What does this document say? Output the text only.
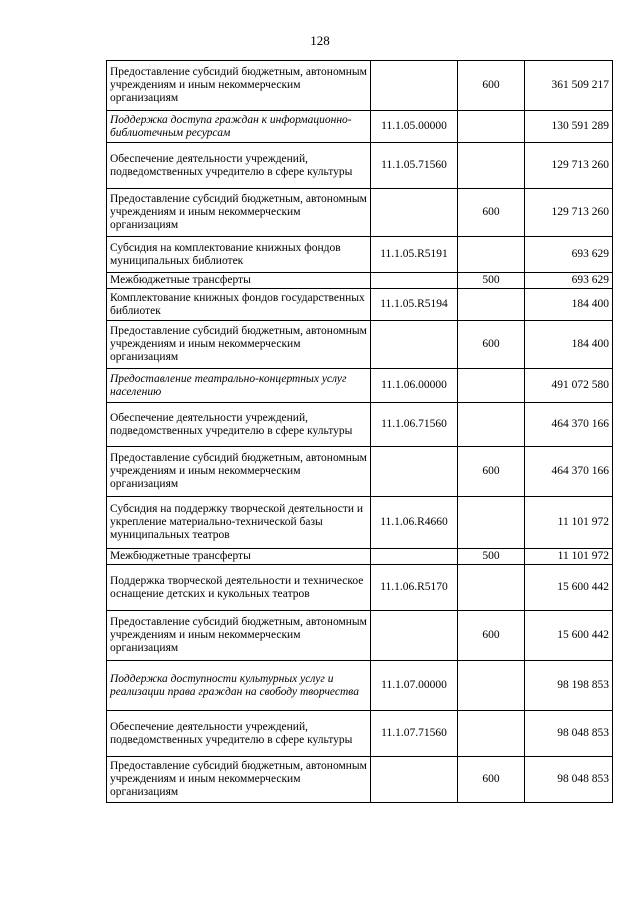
128
Предоставление субсидий бюджетным, автономным учреждениям и иным некоммерческим организациям		600	361 509 217
Поддержка доступа граждан к информационно-библиотечным ресурсам	11.1.05.00000		130 591 289
Обеспечение деятельности учреждений, подведомственных учредителю в сфере культуры	11.1.05.71560		129 713 260
Предоставление субсидий бюджетным, автономным учреждениям и иным некоммерческим организациям		600	129 713 260
Субсидия на комплектование книжных фондов муниципальных библиотек	11.1.05.R5191		693 629
Межбюджетные трансферты		500	693 629
Комплектование книжных фондов государственных библиотек	11.1.05.R5194		184 400
Предоставление субсидий бюджетным, автономным учреждениям и иным некоммерческим организациям		600	184 400
Предоставление театрально-концертных услуг населению	11.1.06.00000		491 072 580
Обеспечение деятельности учреждений, подведомственных учредителю в сфере культуры	11.1.06.71560		464 370 166
Предоставление субсидий бюджетным, автономным учреждениям и иным некоммерческим организациям		600	464 370 166
Субсидия на поддержку творческой деятельности и укрепление материально-технической базы муниципальных театров	11.1.06.R4660		11 101 972
Межбюджетные трансферты		500	11 101 972
Поддержка творческой деятельности и техническое оснащение детских и кукольных театров	11.1.06.R5170		15 600 442
Предоставление субсидий бюджетным, автономным учреждениям и иным некоммерческим организациям		600	15 600 442
Поддержка доступности культурных услуг и реализации права граждан на свободу творчества	11.1.07.00000		98 198 853
Обеспечение деятельности учреждений, подведомственных учредителю в сфере культуры	11.1.07.71560		98 048 853
Предоставление субсидий бюджетным, автономным учреждениям и иным некоммерческим организациям		600	98 048 853
